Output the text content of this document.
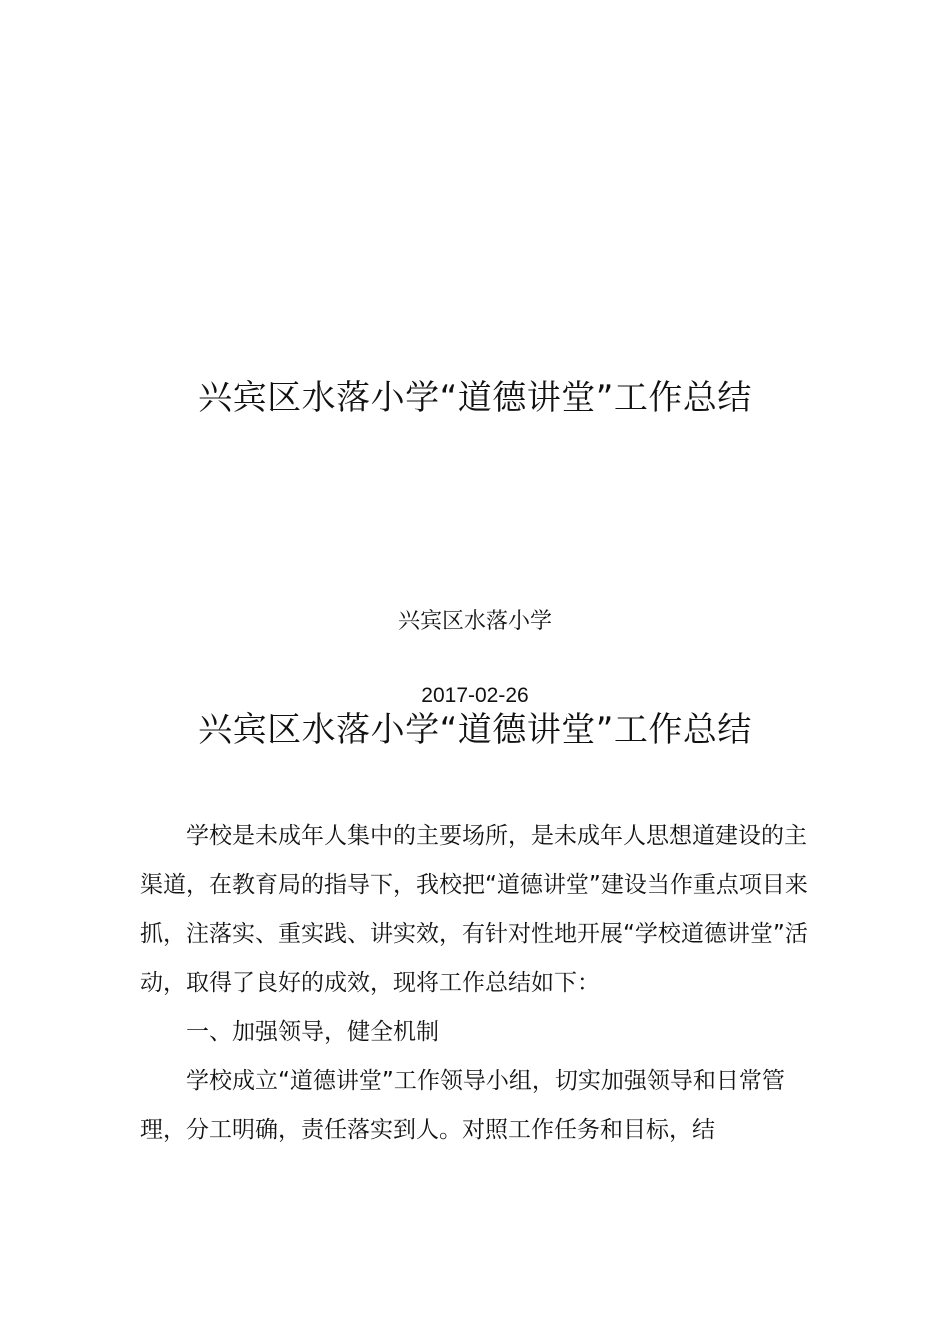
兴宾区水落小学“道德讲堂”工作总结
兴宾区水落小学
2017-02-26
兴宾区水落小学“道德讲堂”工作总结

学校是未成年人集中的主要场所，是未成年人思想道建设的主渠道，在教育局的指导下，我校把“道德讲堂”建设当作重点项目来抓，注落实、重实践、讲实效，有针对性地开展“学校道德讲堂”活动，取得了良好的成效，现将工作总结如下：

一、加强领导，健全机制

学校成立“道德讲堂”工作领导小组，切实加强领导和日常管理，分工明确，责任落实到人。对照工作任务和目标，结
